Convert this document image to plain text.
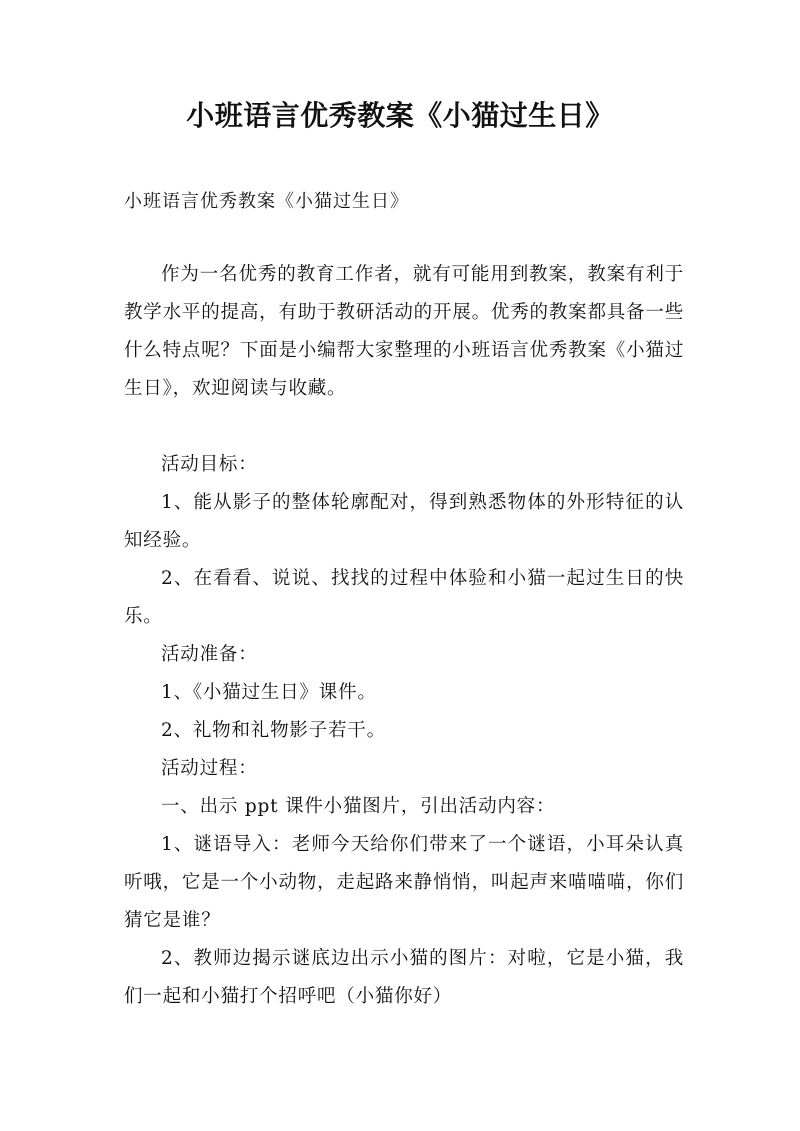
小班语言优秀教案《小猫过生日》
小班语言优秀教案《小猫过生日》

作为一名优秀的教育工作者，就有可能用到教案，教案有利于教学水平的提高，有助于教研活动的开展。优秀的教案都具备一些什么特点呢？下面是小编帮大家整理的小班语言优秀教案《小猫过生日》，欢迎阅读与收藏。

活动目标：

1、能从影子的整体轮廓配对，得到熟悉物体的外形特征的认知经验。

2、在看看、说说、找找的过程中体验和小猫一起过生日的快乐。

活动准备：

1、《小猫过生日》课件。

2、礼物和礼物影子若干。

活动过程：

一、出示 ppt 课件小猫图片，引出活动内容：

1、谜语导入：老师今天给你们带来了一个谜语，小耳朵认真听哦，它是一个小动物，走起路来静悄悄，叫起声来喵喵喵，你们猜它是谁？

2、教师边揭示谜底边出示小猫的图片：对啦，它是小猫，我们一起和小猫打个招呼吧（小猫你好）
